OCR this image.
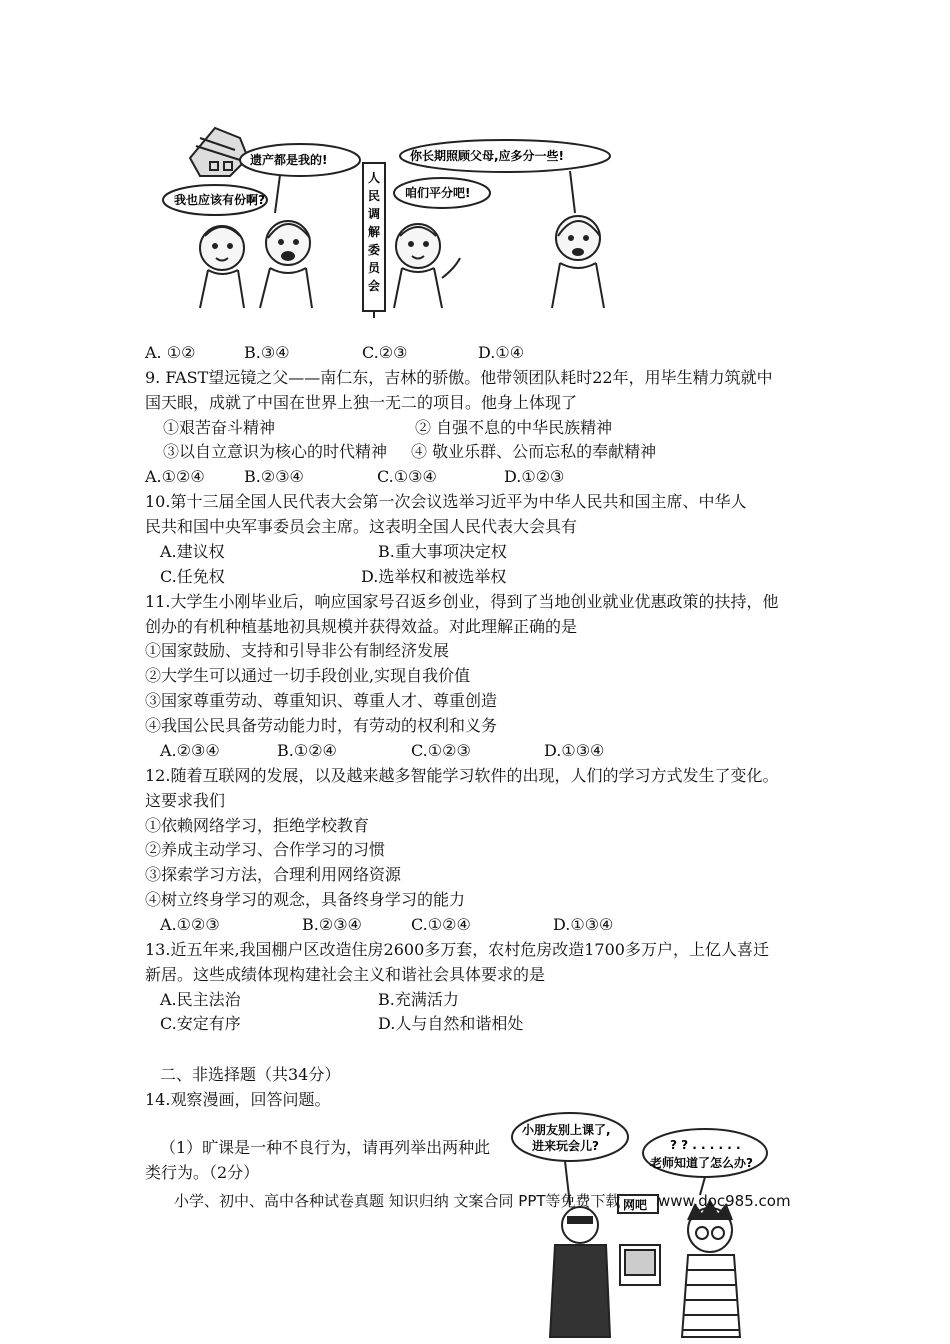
我也应该有份啊?
遗产都是我的!
人
民
调
解
委
员
会
你长期照顾父母,应多分一些!
咱们平分吧!
A. ①②	B.③④	C.②③	D.①④
9. FAST望远镜之父——南仁东，吉林的骄傲。他带领团队耗时22年，用毕生精力筑就中
国天眼，成就了中国在世界上独一无二的项目。他身上体现了
①艰苦奋斗精神	② 自强不息的中华民族精神
③以自立意识为核心的时代精神 ④ 敬业乐群、公而忘私的奉献精神
A.①②④ B.②③④	C.①③④	D.①②③
10.第十三届全国人民代表大会第一次会议选举习近平为中华人民共和国主席、中华人
民共和国中央军事委员会主席。这表明全国人民代表大会具有
A.建议权	B.重大事项决定权
C.任免权	D.选举权和被选举权
11.大学生小刚毕业后，响应国家号召返乡创业，得到了当地创业就业优惠政策的扶持，他
创办的有机种植基地初具规模并获得效益。对此理解正确的是
①国家鼓励、支持和引导非公有制经济发展
②大学生可以通过一切手段创业,实现自我价值
③国家尊重劳动、尊重知识、尊重人才、尊重创造
④我国公民具备劳动能力时，有劳动的权利和义务
A.②③④	B.①②④	C.①②③	D.①③④
12.随着互联网的发展，以及越来越多智能学习软件的出现，人们的学习方式发生了变化。
这要求我们
①依赖网络学习，拒绝学校教育
②养成主动学习、合作学习的习惯
③探索学习方法，合理利用网络资源
④树立终身学习的观念，具备终身学习的能力
A.①②③	B.②③④	C.①②④	D.①③④
13.近五年来,我国棚户区改造住房2600多万套，农村危房改造1700多万户，上亿人喜迁
新居。这些成绩体现构建社会主义和谐社会具体要求的是
A.民主法治	B.充满活力
C.安定有序	D.人与自然和谐相处
二、非选择题（共34分）
14.观察漫画，回答问题。
（1）旷课是一种不良行为，请再列举出两种此
类行为。（2分）
小朋友别上课了,
进来玩会儿?	? ? . . . . . .
老师知道了怎么办?
网吧
小学、初中、高中各种试卷真题 知识归纳 文案合同 PPT等免费下载 www.doc985.com
